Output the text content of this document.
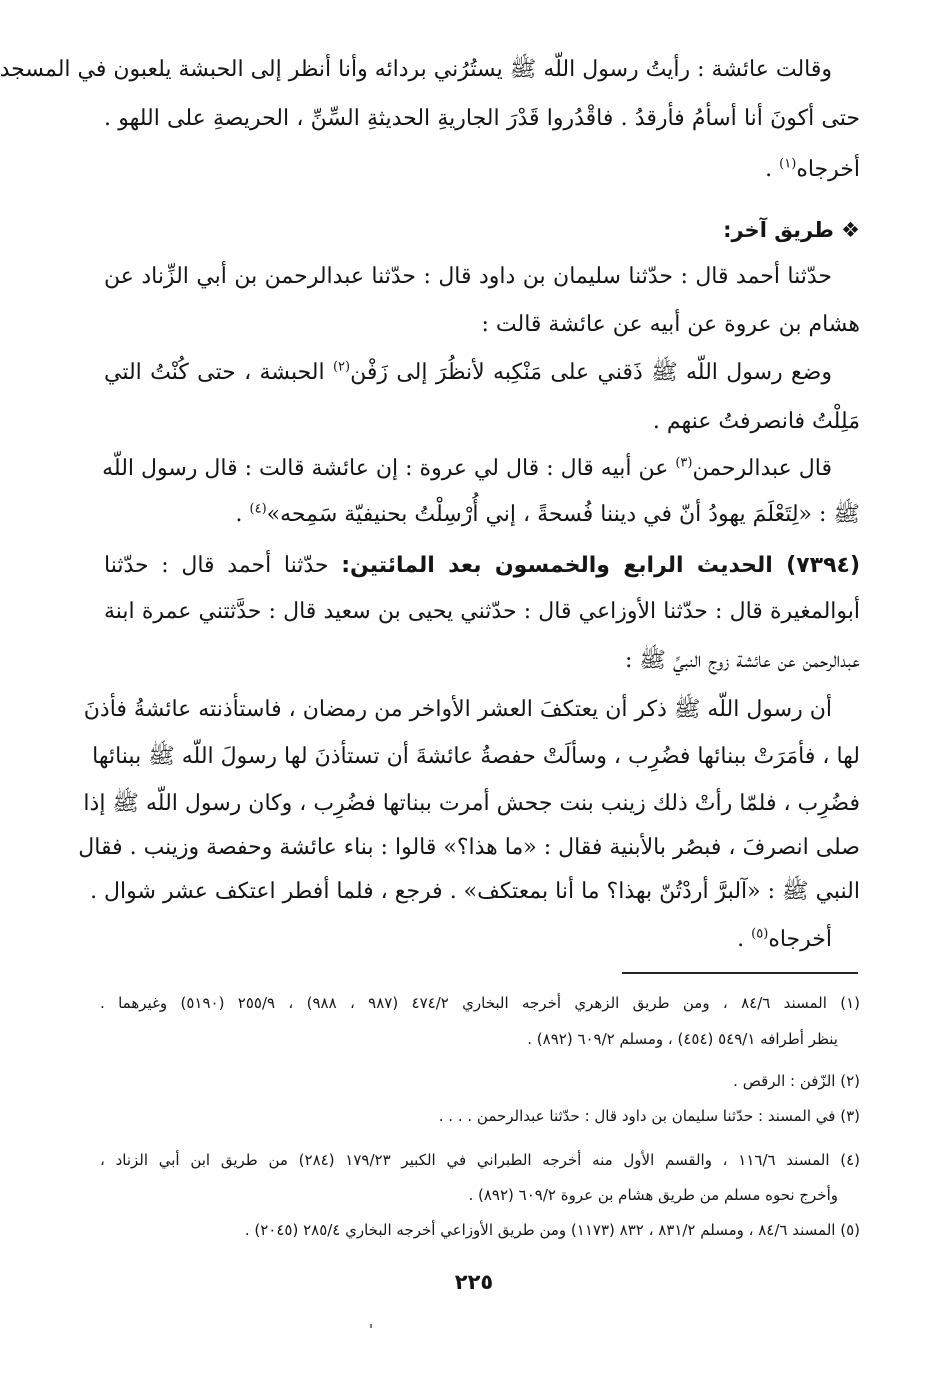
وقالت عائشة : رأيتُ رسول اللّه ﷺ يستُرُني بردائه وأنا أنظر إلى الحبشة يلعبون في المسجد
حتى أكونَ أنا أسأمُ فأرقدُ . فاقْدُروا قَدْرَ الجاريةِ الحديثةِ السِّنِّ ، الحريصةِ على اللهو .
أخرجاه$^{(١)}$ .
❖ طريق آخر:
حدّثنا أحمد قال : حدّثنا سليمان بن داود قال : حدّثنا عبدالرحمن بن أبي الزِّناد عن
هشام بن عروة عن أبيه عن عائشة قالت :
وضع رسول اللّه ﷺ ذَقني على مَنْكِبه لأنظُرَ إلى زَفْن$^{(٢)}$ الحبشة ، حتى كُنْتُ التي
مَلِلْتُ فانصرفتُ عنهم .
قال عبدالرحمن$^{(٣)}$ عن أبيه قال : قال لي عروة : إن عائشة قالت : قال رسول اللّه
ﷺ : «لِتَعْلَمَ يهودُ أنّ في ديننا فُسحةً ، إني أُرْسِلْتُ بحنيفيّة سَمِحه»$^{(٤)}$ .
(٧٣٩٤) الحديث الرابع والخمسون بعد المائتين: حدّثنا أحمد قال : حدّثنا
أبوالمغيرة قال : حدّثنا الأوزاعي قال : حدّثني يحيى بن سعيد قال : حدَّثتني عمرة ابنة
عبدالرحمن عن عائشة زوج النبيِّ ﷺ :
أن رسول اللّه ﷺ ذكر أن يعتكفَ العشر الأواخر من رمضان ، فاستأذنته عائشةُ فأذنَ
لها ، فأمَرَتْ ببنائها فضُرِب ، وسألَتْ حفصةُ عائشةَ أن تستأذنَ لها رسولَ اللّه ﷺ ببنائها
فضُرِب ، فلمّا رأتْ ذلك زينب بنت جحش أمرت ببناتها فضُرِب ، وكان رسول اللّه ﷺ إذا
صلى انصرفَ ، فبصُر بالأبنية فقال : «ما هذا؟» قالوا : بناء عائشة وحفصة وزينب . فقال
النبي ﷺ : «آلبرَّ أردْتُنّ بهذا؟ ما أنا بمعتكف» . فرجع ، فلما أفطر اعتكف عشر شوال .
أخرجاه$^{(٥)}$ .
(١) المسند ٨٤/٦ ، ومن طريق الزهري أخرجه البخاري ٤٧٤/٢ (٩٨٧ ، ٩٨٨) ، ٢٥٥/٩ (٥١٩٠) وغيرهما .
ينظر أطرافه ٥٤٩/١ (٤٥٤) ، ومسلم ٦٠٩/٢ (٨٩٢) .
(٢) الزّفن : الرقص .
(٣) في المسند : حدّثنا سليمان بن داود قال : حدّثنا عبدالرحمن . . . .
(٤) المسند ١١٦/٦ ، والقسم الأول منه أخرجه الطبراني في الكبير ١٧٩/٢٣ (٢٨٤) من طريق ابن أبي الزناد ،
وأخرج نحوه مسلم من طريق هشام بن عروة ٦٠٩/٢ (٨٩٢) .
(٥) المسند ٨٤/٦ ، ومسلم ٨٣١/٢ ، ٨٣٢ (١١٧٣) ومن طريق الأوزاعي أخرجه البخاري ٢٨٥/٤ (٢٠٤٥) .
٢٢٥
